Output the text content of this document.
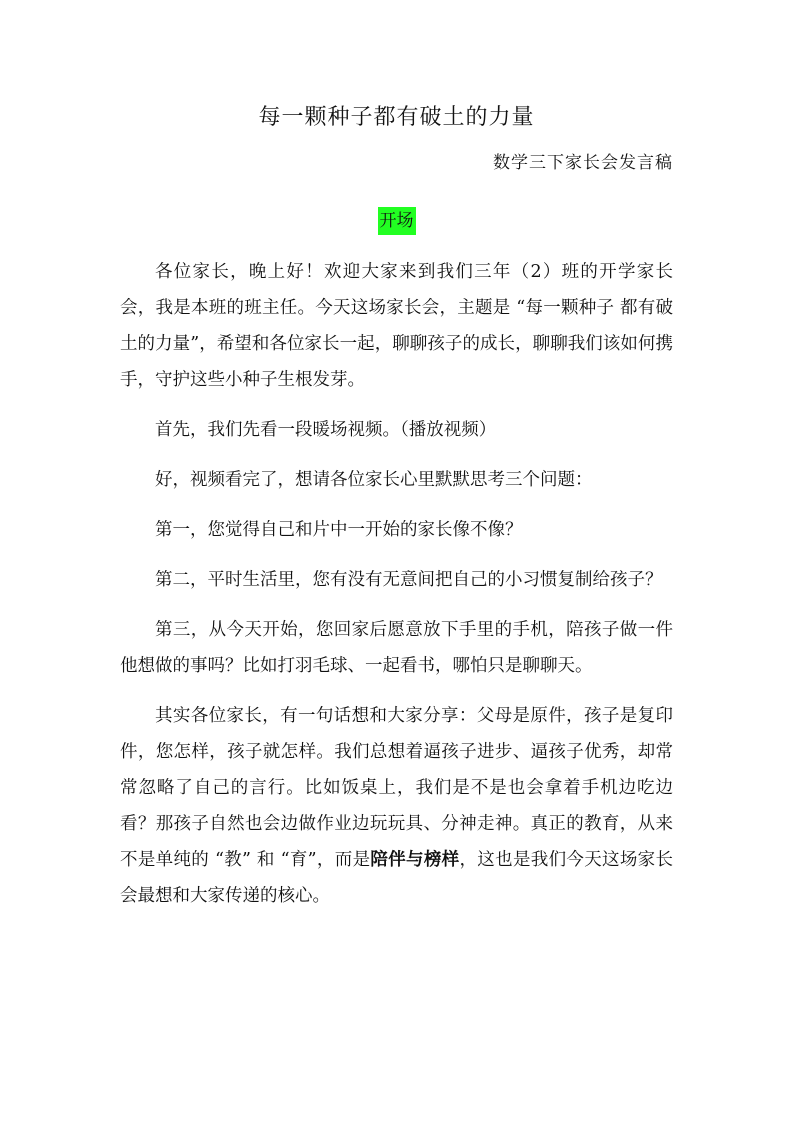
每一颗种子都有破土的力量
数学三下家长会发言稿
开场

各位家长，晚上好！欢迎大家来到我们三年（2）班的开学家长会，我是本班的班主任。今天这场家长会，主题是 “每一颗种子 都有破土的力量”，希望和各位家长一起，聊聊孩子的成长，聊聊我们该如何携手，守护这些小种子生根发芽。

首先，我们先看一段暖场视频。（播放视频）

好，视频看完了，想请各位家长心里默默思考三个问题：

第一，您觉得自己和片中一开始的家长像不像？

第二，平时生活里，您有没有无意间把自己的小习惯复制给孩子？

第三，从今天开始，您回家后愿意放下手里的手机，陪孩子做一件他想做的事吗？比如打羽毛球、一起看书，哪怕只是聊聊天。

其实各位家长，有一句话想和大家分享：父母是原件，孩子是复印件，您怎样，孩子就怎样。我们总想着逼孩子进步、逼孩子优秀，却常常忽略了自己的言行。比如饭桌上，我们是不是也会拿着手机边吃边看？那孩子自然也会边做作业边玩玩具、分神走神。真正的教育，从来不是单纯的 “教” 和 “育”，而是陪伴与榜样，这也是我们今天这场家长会最想和大家传递的核心。
